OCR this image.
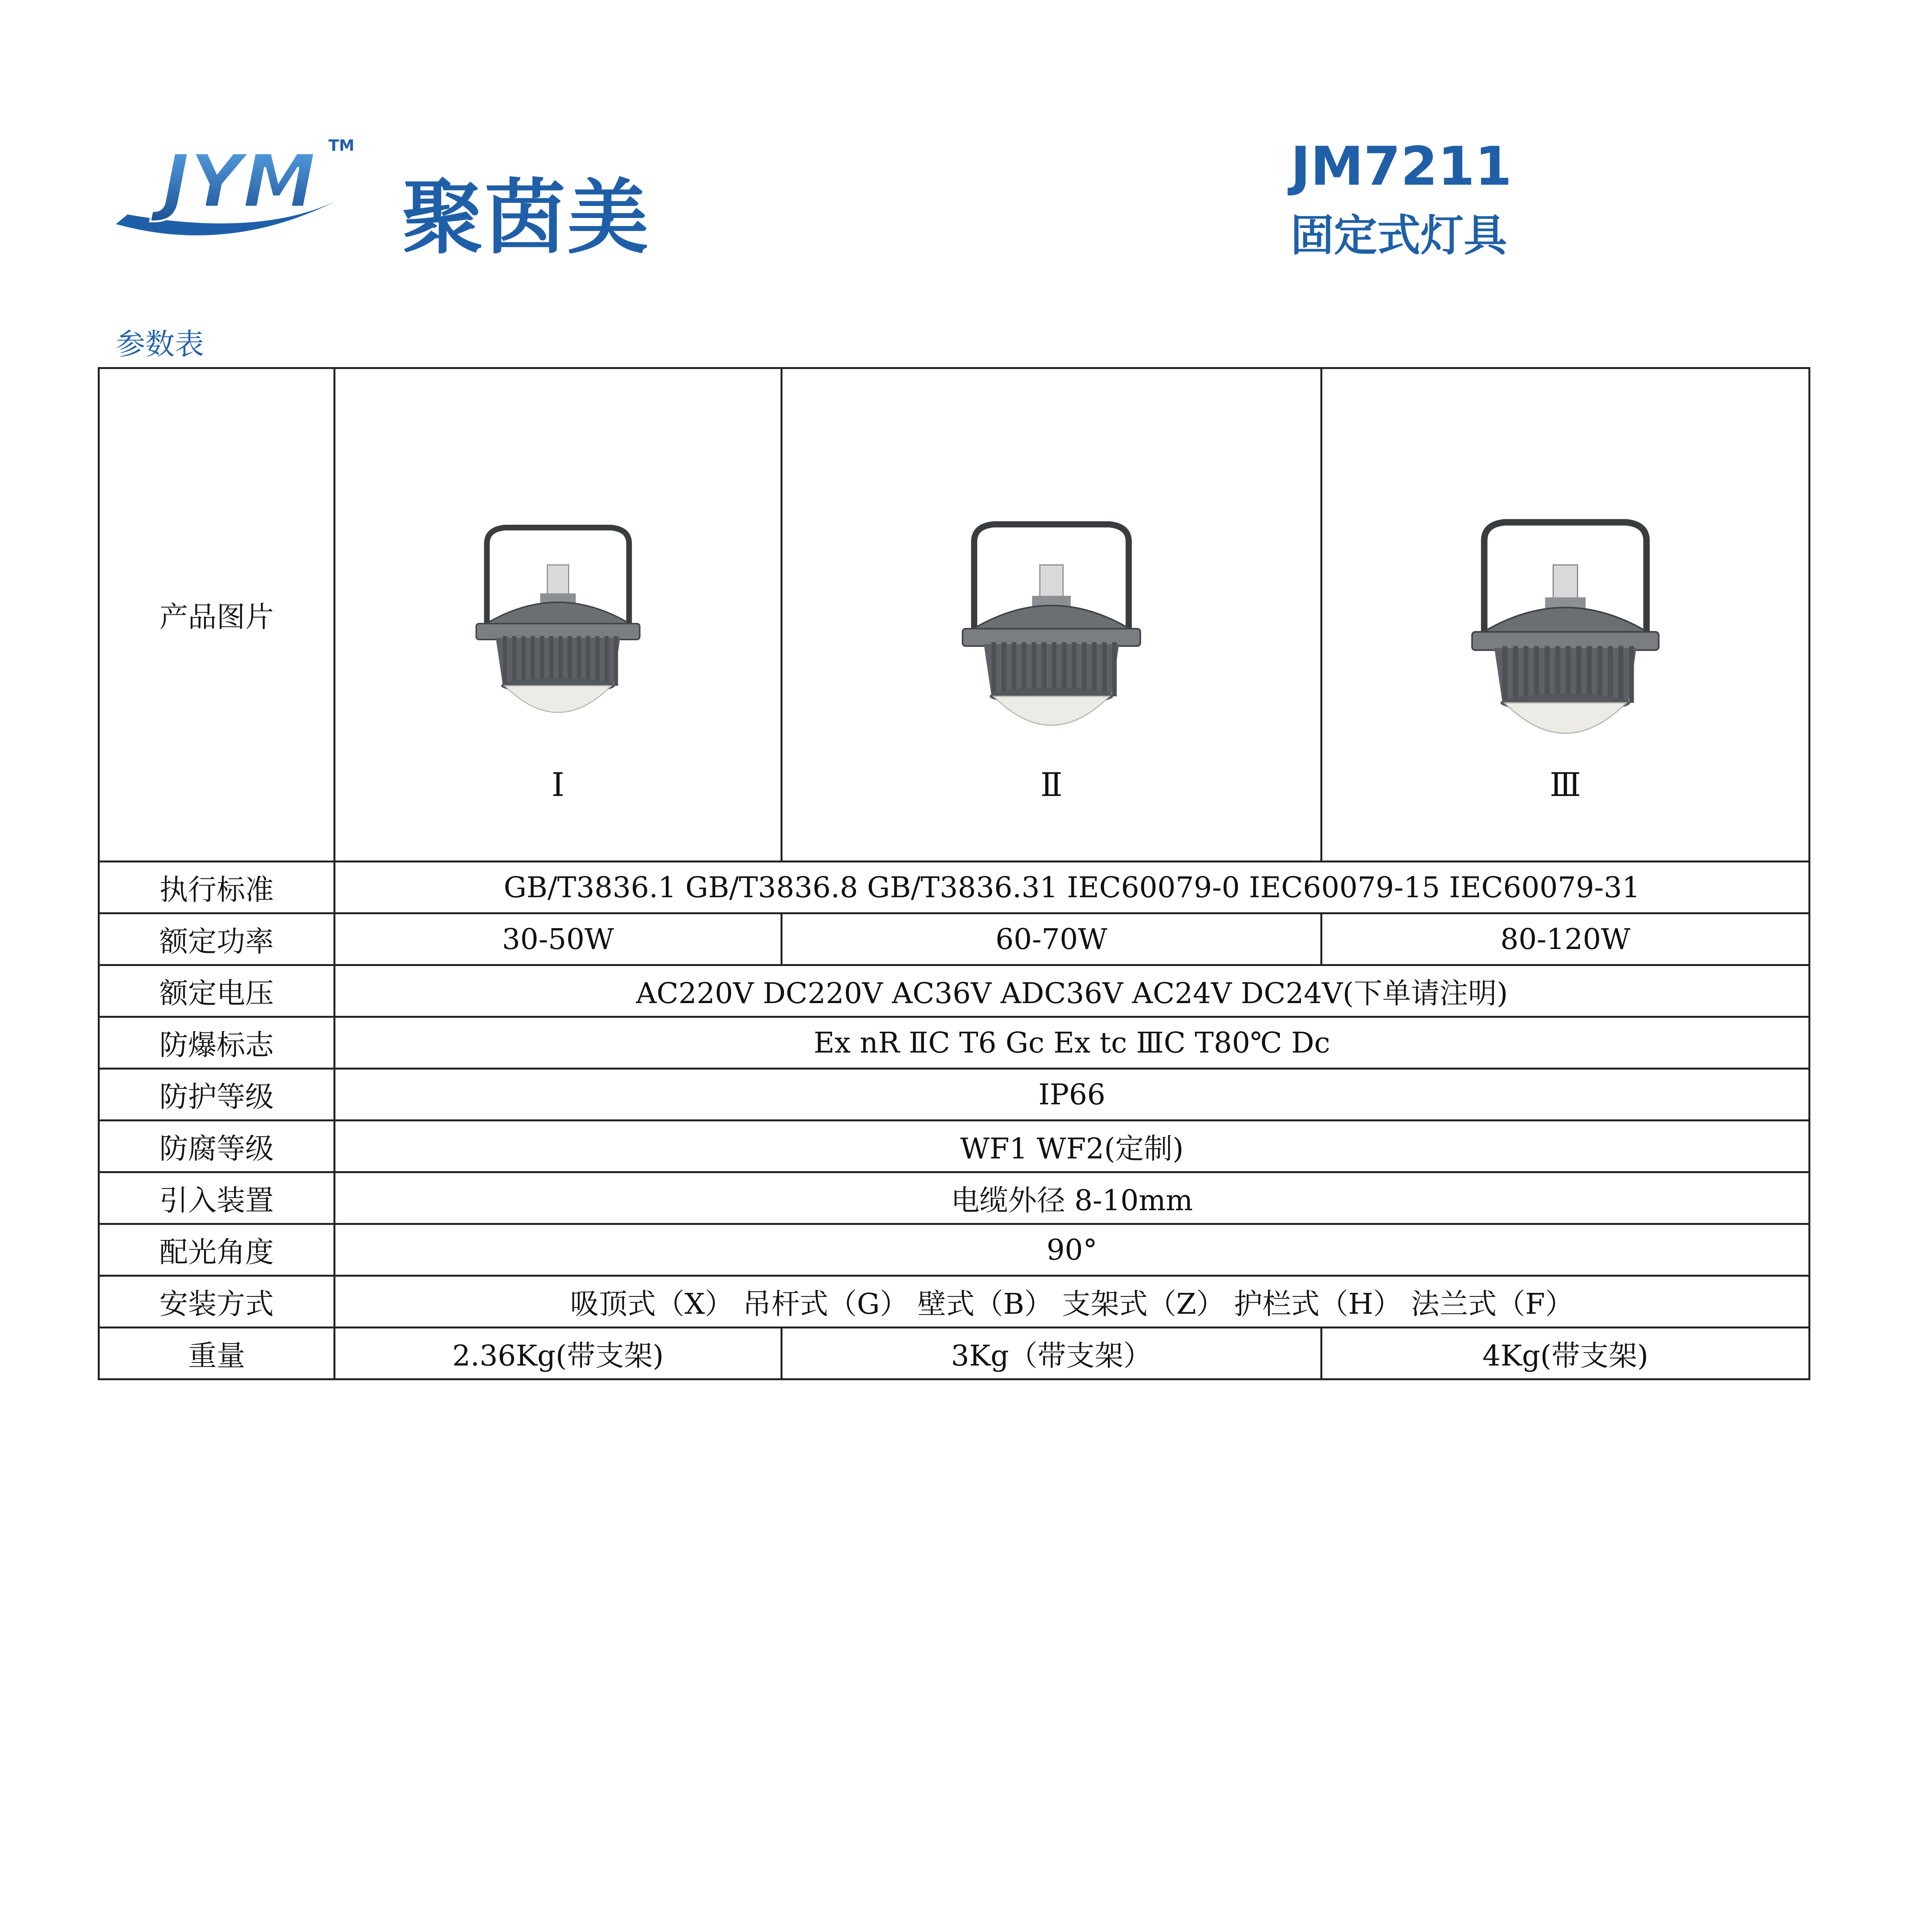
JYM TM
聚茵美
JM7211
固定式灯具
参数表
产品图片	Ⅰ	Ⅱ	Ⅲ

执行标准	GB/T3836.1 GB/T3836.8 GB/T3836.31 IEC60079-0 IEC60079-15 IEC60079-31		
额定功率	30-50W	60-70W	80-120W
额定电压	AC220V DC220V AC36V ADC36V AC24V DC24V(下单请注明)		
防爆标志	Ex nR ⅡC T6 Gc Ex tc ⅢC T80℃ Dc		
防护等级	IP66		
防腐等级	WF1 WF2(定制)		
引入装置	电缆外径 8-10mm		
配光角度	90°		
安装方式	吸顶式（X） 吊杆式（G） 壁式（B） 支架式（Z） 护栏式（H） 法兰式（F）		
重量	2.36Kg(带支架)	3Kg（带支架）	4Kg(带支架)
